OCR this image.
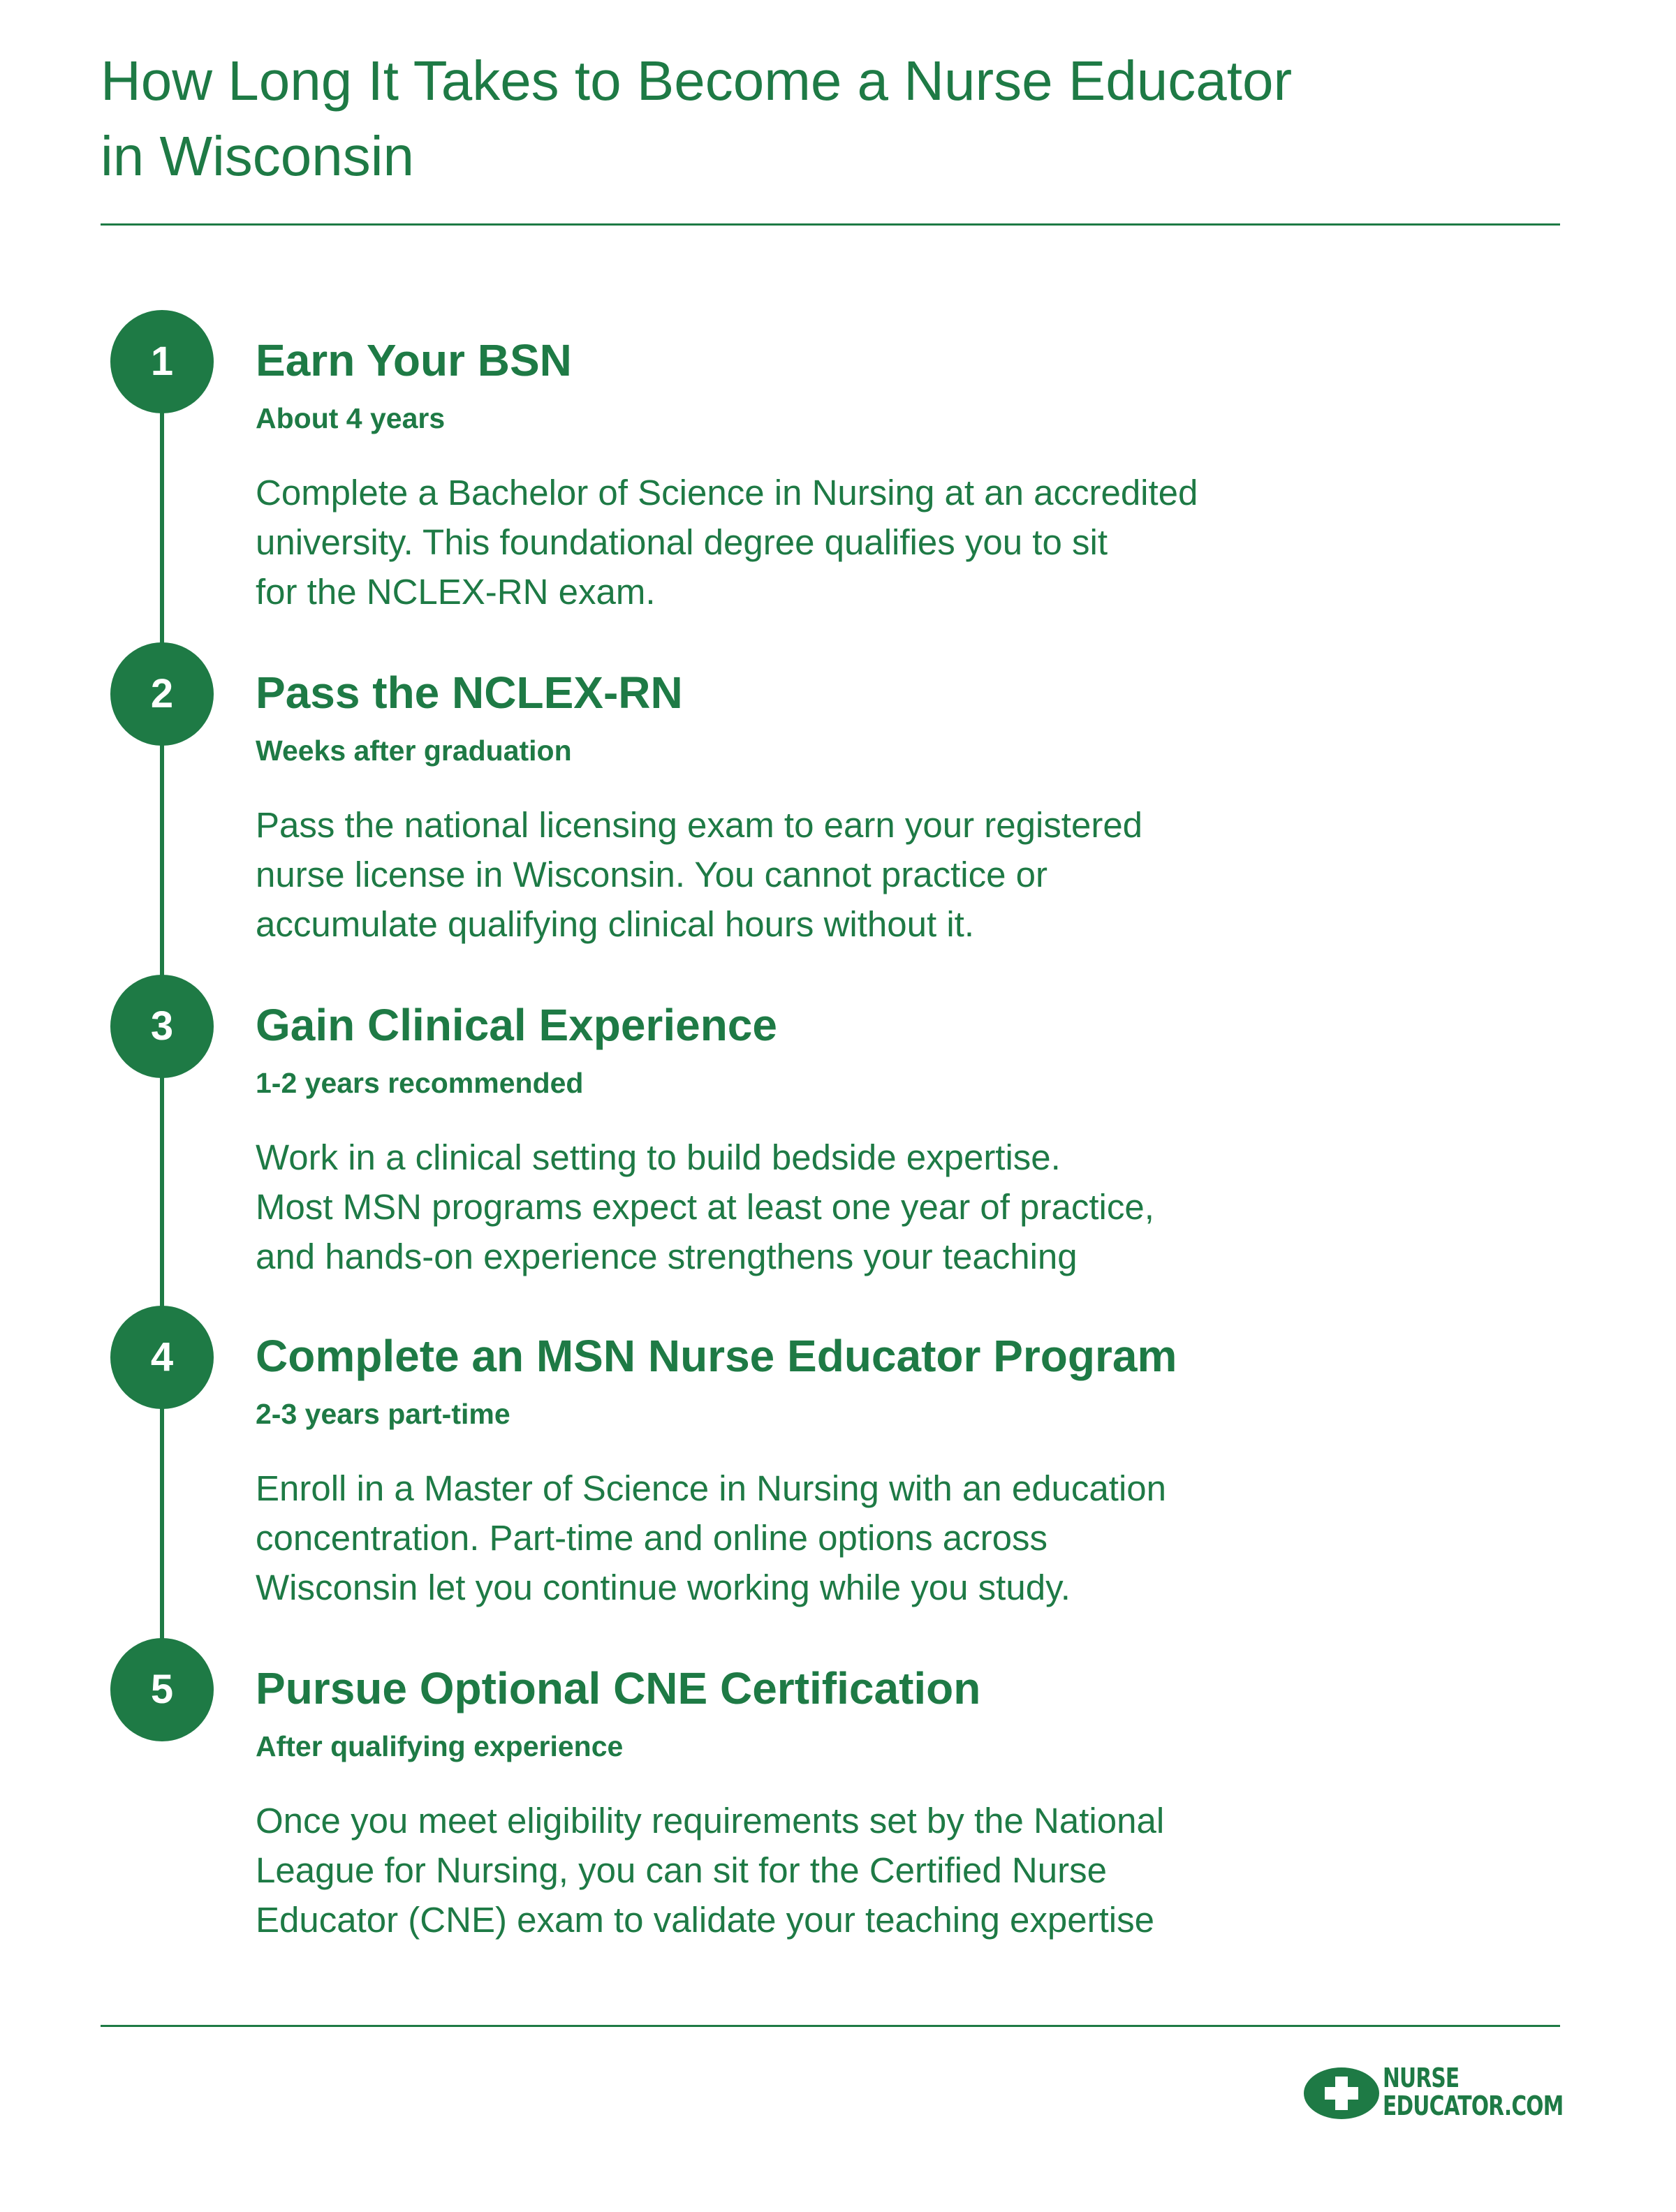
How Long It Takes to Become a Nurse Educator
in Wisconsin
1	Earn Your BSN
About 4 years
Complete a Bachelor of Science in Nursing at an accredited
university. This foundational degree qualifies you to sit
for the NCLEX-RN exam.
2	Pass the NCLEX-RN
Weeks after graduation
Pass the national licensing exam to earn your registered
nurse license in Wisconsin. You cannot practice or
accumulate qualifying clinical hours without it.
3	Gain Clinical Experience
1-2 years recommended
Work in a clinical setting to build bedside expertise.
Most MSN programs expect at least one year of practice,
and hands-on experience strengthens your teaching
4	Complete an MSN Nurse Educator Program
2-3 years part-time
Enroll in a Master of Science in Nursing with an education
concentration. Part-time and online options across
Wisconsin let you continue working while you study.
5	Pursue Optional CNE Certification
After qualifying experience
Once you meet eligibility requirements set by the National
League for Nursing, you can sit for the Certified Nurse
Educator (CNE) exam to validate your teaching expertise
NURSE
EDUCATOR.COM
